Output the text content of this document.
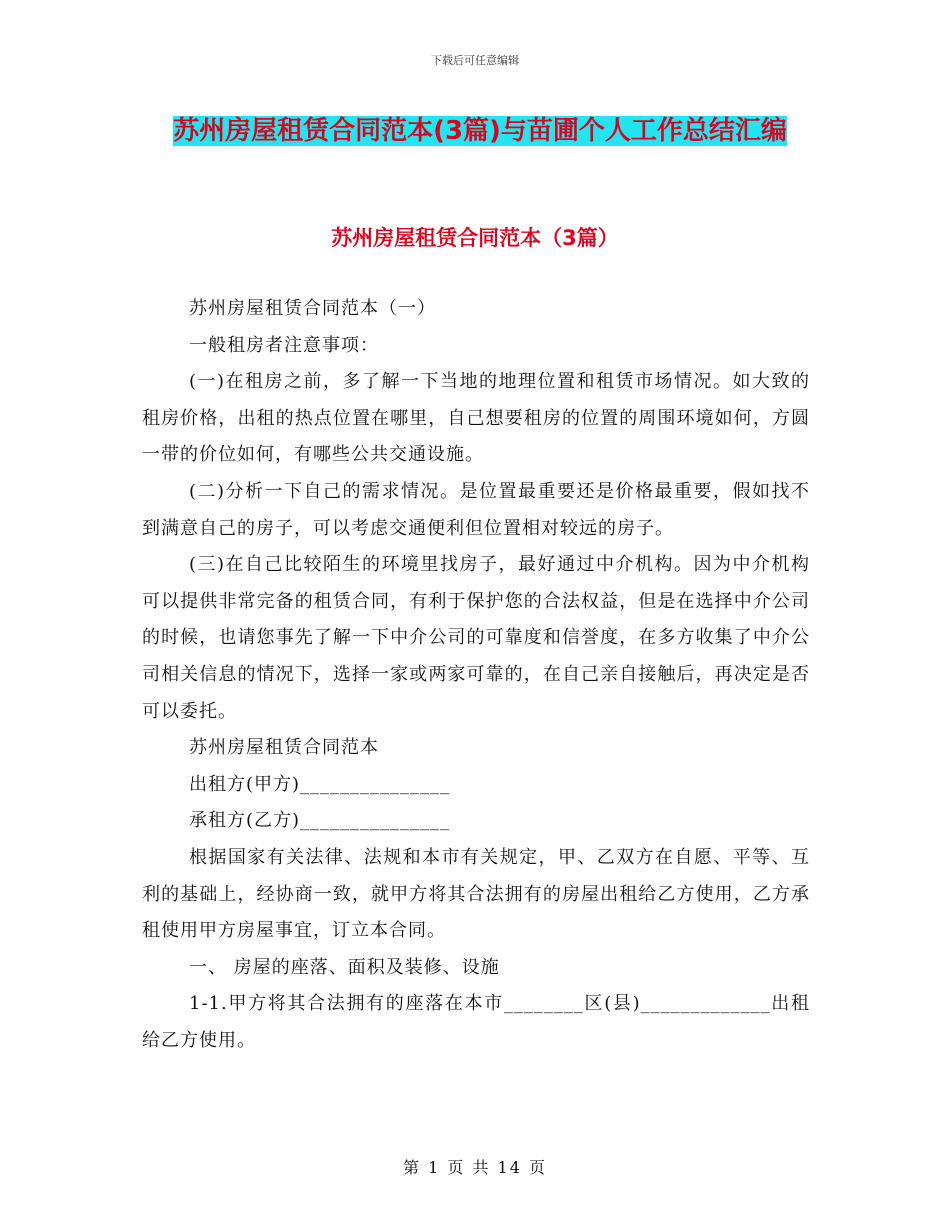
下载后可任意编辑
苏州房屋租赁合同范本(3篇)与苗圃个人工作总结汇编
苏州房屋租赁合同范本（3篇）

苏州房屋租赁合同范本（一）

一般租房者注意事项：

(一)在租房之前，多了解一下当地的地理位置和租赁市场情况。如大致的租房价格，出租的热点位置在哪里，自己想要租房的位置的周围环境如何，方圆一带的价位如何，有哪些公共交通设施。

(二)分析一下自己的需求情况。是位置最重要还是价格最重要，假如找不到满意自己的房子，可以考虑交通便利但位置相对较远的房子。

(三)在自己比较陌生的环境里找房子，最好通过中介机构。因为中介机构可以提供非常完备的租赁合同，有利于保护您的合法权益，但是在选择中介公司的时候，也请您事先了解一下中介公司的可靠度和信誉度，在多方收集了中介公司相关信息的情况下，选择一家或两家可靠的，在自己亲自接触后，再决定是否可以委托。

苏州房屋租赁合同范本

出租方(甲方)_______________

承租方(乙方)_______________

根据国家有关法律、法规和本市有关规定，甲、乙双方在自愿、平等、互利的基础上，经协商一致，就甲方将其合法拥有的房屋出租给乙方使用，乙方承租使用甲方房屋事宜，订立本合同。

一、 房屋的座落、面积及装修、设施

1-1.甲方将其合法拥有的座落在本市________区(县)_____________出租给乙方使用。

第 1 页 共 14 页
